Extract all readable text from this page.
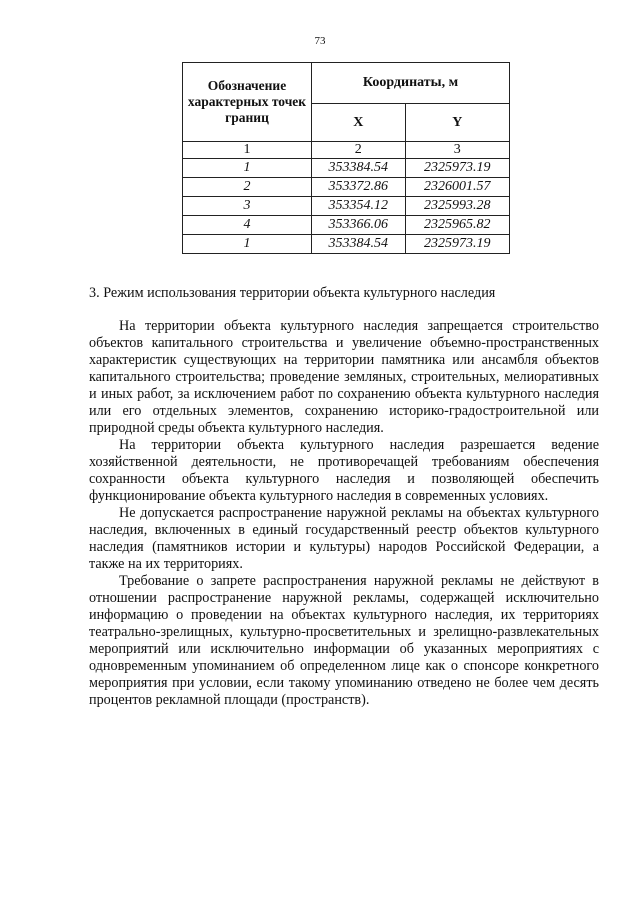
73
Обозначение характерных точек границ	Координаты, м	
	X	Y
1	2	3
1	353384.54	2325973.19
2	353372.86	2326001.57
3	353354.12	2325993.28
4	353366.06	2325965.82
1	353384.54	2325973.19
3. Режим использования территории объекта культурного наследия

На территории объекта культурного наследия запрещается строительство объектов капитального строительства и увеличение объемно-пространственных характеристик существующих на территории памятника или ансамбля объектов капитального строительства; проведение земляных, строительных, мелиоративных и иных работ, за исключением работ по сохранению объекта культурного наследия или его отдельных элементов, сохранению историко-градостроительной или природной среды объекта культурного наследия.

На территории объекта культурного наследия разрешается ведение хозяйственной деятельности, не противоречащей требованиям обеспечения сохранности объекта культурного наследия и позволяющей обеспечить функционирование объекта культурного наследия в современных условиях.

Не допускается распространение наружной рекламы на объектах культурного наследия, включенных в единый государственный реестр объектов культурного наследия (памятников истории и культуры) народов Российской Федерации, а также на их территориях.

Требование о запрете распространения наружной рекламы не действуют в отношении распространение наружной рекламы, содержащей исключительно информацию о проведении на объектах культурного наследия, их территориях театрально-зрелищных, культурно-просветительных и зрелищно-развлекательных мероприятий или исключительно информации об указанных мероприятиях с одновременным упоминанием об определенном лице как о спонсоре конкретного мероприятия при условии, если такому упоминанию отведено не более чем десять процентов рекламной площади (пространств).
